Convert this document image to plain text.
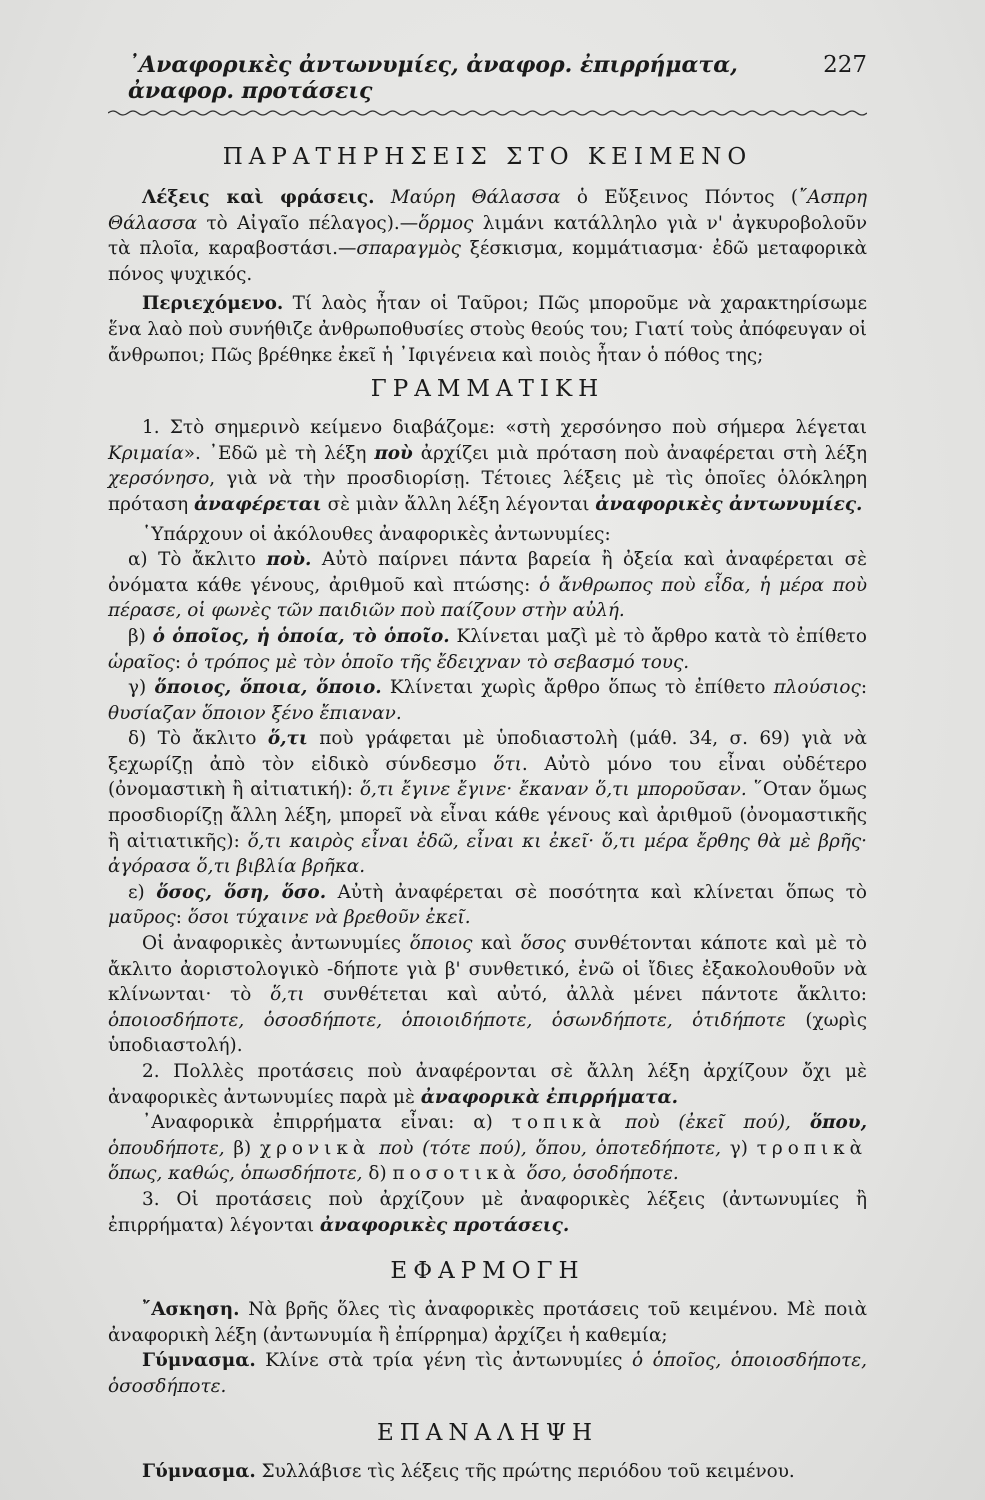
᾿Αναφορικὲς ἀντωνυμίες, ἀναφορ. ἐπιρρήματα, ἀναφορ. προτάσεις
227
ΠΑΡΑΤΗΡΗΣΕΙΣ ΣΤΟ ΚΕΙΜΕΝΟ

Λέξεις καὶ φράσεις. Μαύρη Θάλασσα ὁ Εὔξεινος Πόντος (῎Ασπρη Θάλασσα τὸ Αἰγαῖο πέλαγος).—ὅρμος λιμάνι κατάλληλο γιὰ ν' ἀγκυροβολοῦν τὰ πλοῖα, καραβοστάσι.—σπαραγμὸς ξέσκισμα, κομμάτιασμα· ἐδῶ μεταφορικὰ πόνος ψυχικός.

Περιεχόμενο. Τί λαὸς ἦταν οἱ Ταῦροι; Πῶς μποροῦμε νὰ χαρακτηρίσωμε ἕνα λαὸ ποὺ συνήθιζε ἀνθρωποθυσίες στοὺς θεούς του; Γιατί τοὺς ἀπόφευγαν οἱ ἄνθρωποι; Πῶς βρέθηκε ἐκεῖ ἡ ᾿Ιφιγένεια καὶ ποιὸς ἦταν ὁ πόθος της;

ΓΡΑΜΜΑΤΙΚΗ

1. Στὸ σημερινὸ κείμενο διαβάζομε: «στὴ χερσόνησο ποὺ σήμερα λέγεται Κριμαία». ᾿Εδῶ μὲ τὴ λέξη ποὺ ἀρχίζει μιὰ πρόταση ποὺ ἀναφέρεται στὴ λέξη χερσόνησο, γιὰ νὰ τὴν προσδιορίσῃ. Τέτοιες λέξεις μὲ τὶς ὁποῖες ὁλόκληρη πρόταση ἀναφέρεται σὲ μιὰν ἄλλη λέξη λέγονται ἀναφορικὲς ἀντωνυμίες.

῾Υπάρχουν οἱ ἀκόλουθες ἀναφορικὲς ἀντωνυμίες:

α) Τὸ ἄκλιτο ποὺ. Αὐτὸ παίρνει πάντα βαρεία ἢ ὀξεία καὶ ἀναφέρεται σὲ ὀνόματα κάθε γένους, ἀριθμοῦ καὶ πτώσης: ὁ ἄνθρωπος ποὺ εἶδα, ἡ μέρα ποὺ πέρασε, οἱ φωνὲς τῶν παιδιῶν ποὺ παίζουν στὴν αὐλή.

β) ὁ ὁποῖος, ἡ ὁποία, τὸ ὁποῖο. Κλίνεται μαζὶ μὲ τὸ ἄρθρο κατὰ τὸ ἐπίθετο ὡραῖος: ὁ τρόπος μὲ τὸν ὁποῖο τῆς ἔδειχναν τὸ σεβασμό τους.

γ) ὅποιος, ὅποια, ὅποιο. Κλίνεται χωρὶς ἄρθρο ὅπως τὸ ἐπίθετο πλούσιος: θυσίαζαν ὅποιον ξένο ἔπιαναν.

δ) Τὸ ἄκλιτο ὅ,τι ποὺ γράφεται μὲ ὑποδιαστολὴ (μάθ. 34, σ. 69) γιὰ νὰ ξεχωρίζῃ ἀπὸ τὸν εἰδικὸ σύνδεσμο ὅτι. Αὐτὸ μόνο του εἶναι οὐδέτερο (ὀνομαστικὴ ἢ αἰτιατική): ὅ,τι ἔγινε ἔγινε· ἔκαναν ὅ,τι μποροῦσαν. ῞Οταν ὅμως προσδιορίζῃ ἄλλη λέξη, μπορεῖ νὰ εἶναι κάθε γένους καὶ ἀριθμοῦ (ὀνομαστικῆς ἢ αἰτιατικῆς): ὅ,τι καιρὸς εἶναι ἐδῶ, εἶναι κι ἐκεῖ· ὅ,τι μέρα ἔρθης θὰ μὲ βρῆς· ἀγόρασα ὅ,τι βιβλία βρῆκα.

ε) ὅσος, ὅση, ὅσο. Αὐτὴ ἀναφέρεται σὲ ποσότητα καὶ κλίνεται ὅπως τὸ μαῦρος: ὅσοι τύχαινε νὰ βρεθοῦν ἐκεῖ.

Οἱ ἀναφορικὲς ἀντωνυμίες ὅποιος καὶ ὅσος συνθέτονται κάποτε καὶ μὲ τὸ ἄκλιτο ἀοριστολογικὸ -δήποτε γιὰ β' συνθετικό, ἐνῶ οἱ ἴδιες ἐξακολουθοῦν νὰ κλίνωνται· τὸ ὅ,τι συνθέτεται καὶ αὐτό, ἀλλὰ μένει πάντοτε ἄκλιτο: ὁποιοσδήποτε, ὁσοσδήποτε, ὁποιοιδήποτε, ὁσωνδήποτε, ὁτιδήποτε (χωρὶς ὑποδιαστολή).

2. Πολλὲς προτάσεις ποὺ ἀναφέρονται σὲ ἄλλη λέξη ἀρχίζουν ὄχι μὲ ἀναφορικὲς ἀντωνυμίες παρὰ μὲ ἀναφορικὰ ἐπιρρήματα.

᾿Αναφορικὰ ἐπιρρήματα εἶναι: α) τοπικὰ ποὺ (ἐκεῖ πού), ὅπου, ὁπουδήποτε, β) χρονικὰ ποὺ (τότε πού), ὅπου, ὁποτεδήποτε, γ) τροπικὰ ὅπως, καθώς, ὁπωσδήποτε, δ) ποσοτικὰ ὅσο, ὁσοδήποτε.

3. Οἱ προτάσεις ποὺ ἀρχίζουν μὲ ἀναφορικὲς λέξεις (ἀντωνυμίες ἢ ἐπιρρήματα) λέγονται ἀναφορικὲς προτάσεις.

ΕΦΑΡΜΟΓΗ

῎Ασκηση. Νὰ βρῆς ὅλες τὶς ἀναφορικὲς προτάσεις τοῦ κειμένου. Μὲ ποιὰ ἀναφορικὴ λέξη (ἀντωνυμία ἢ ἐπίρρημα) ἀρχίζει ἡ καθεμία;

Γύμνασμα. Κλίνε στὰ τρία γένη τὶς ἀντωνυμίες ὁ ὁποῖος, ὁποιοσδήποτε, ὁσοσδήποτε.

ΕΠΑΝΑΛΗΨΗ

Γύμνασμα. Συλλάβισε τὶς λέξεις τῆς πρώτης περιόδου τοῦ κειμένου.
